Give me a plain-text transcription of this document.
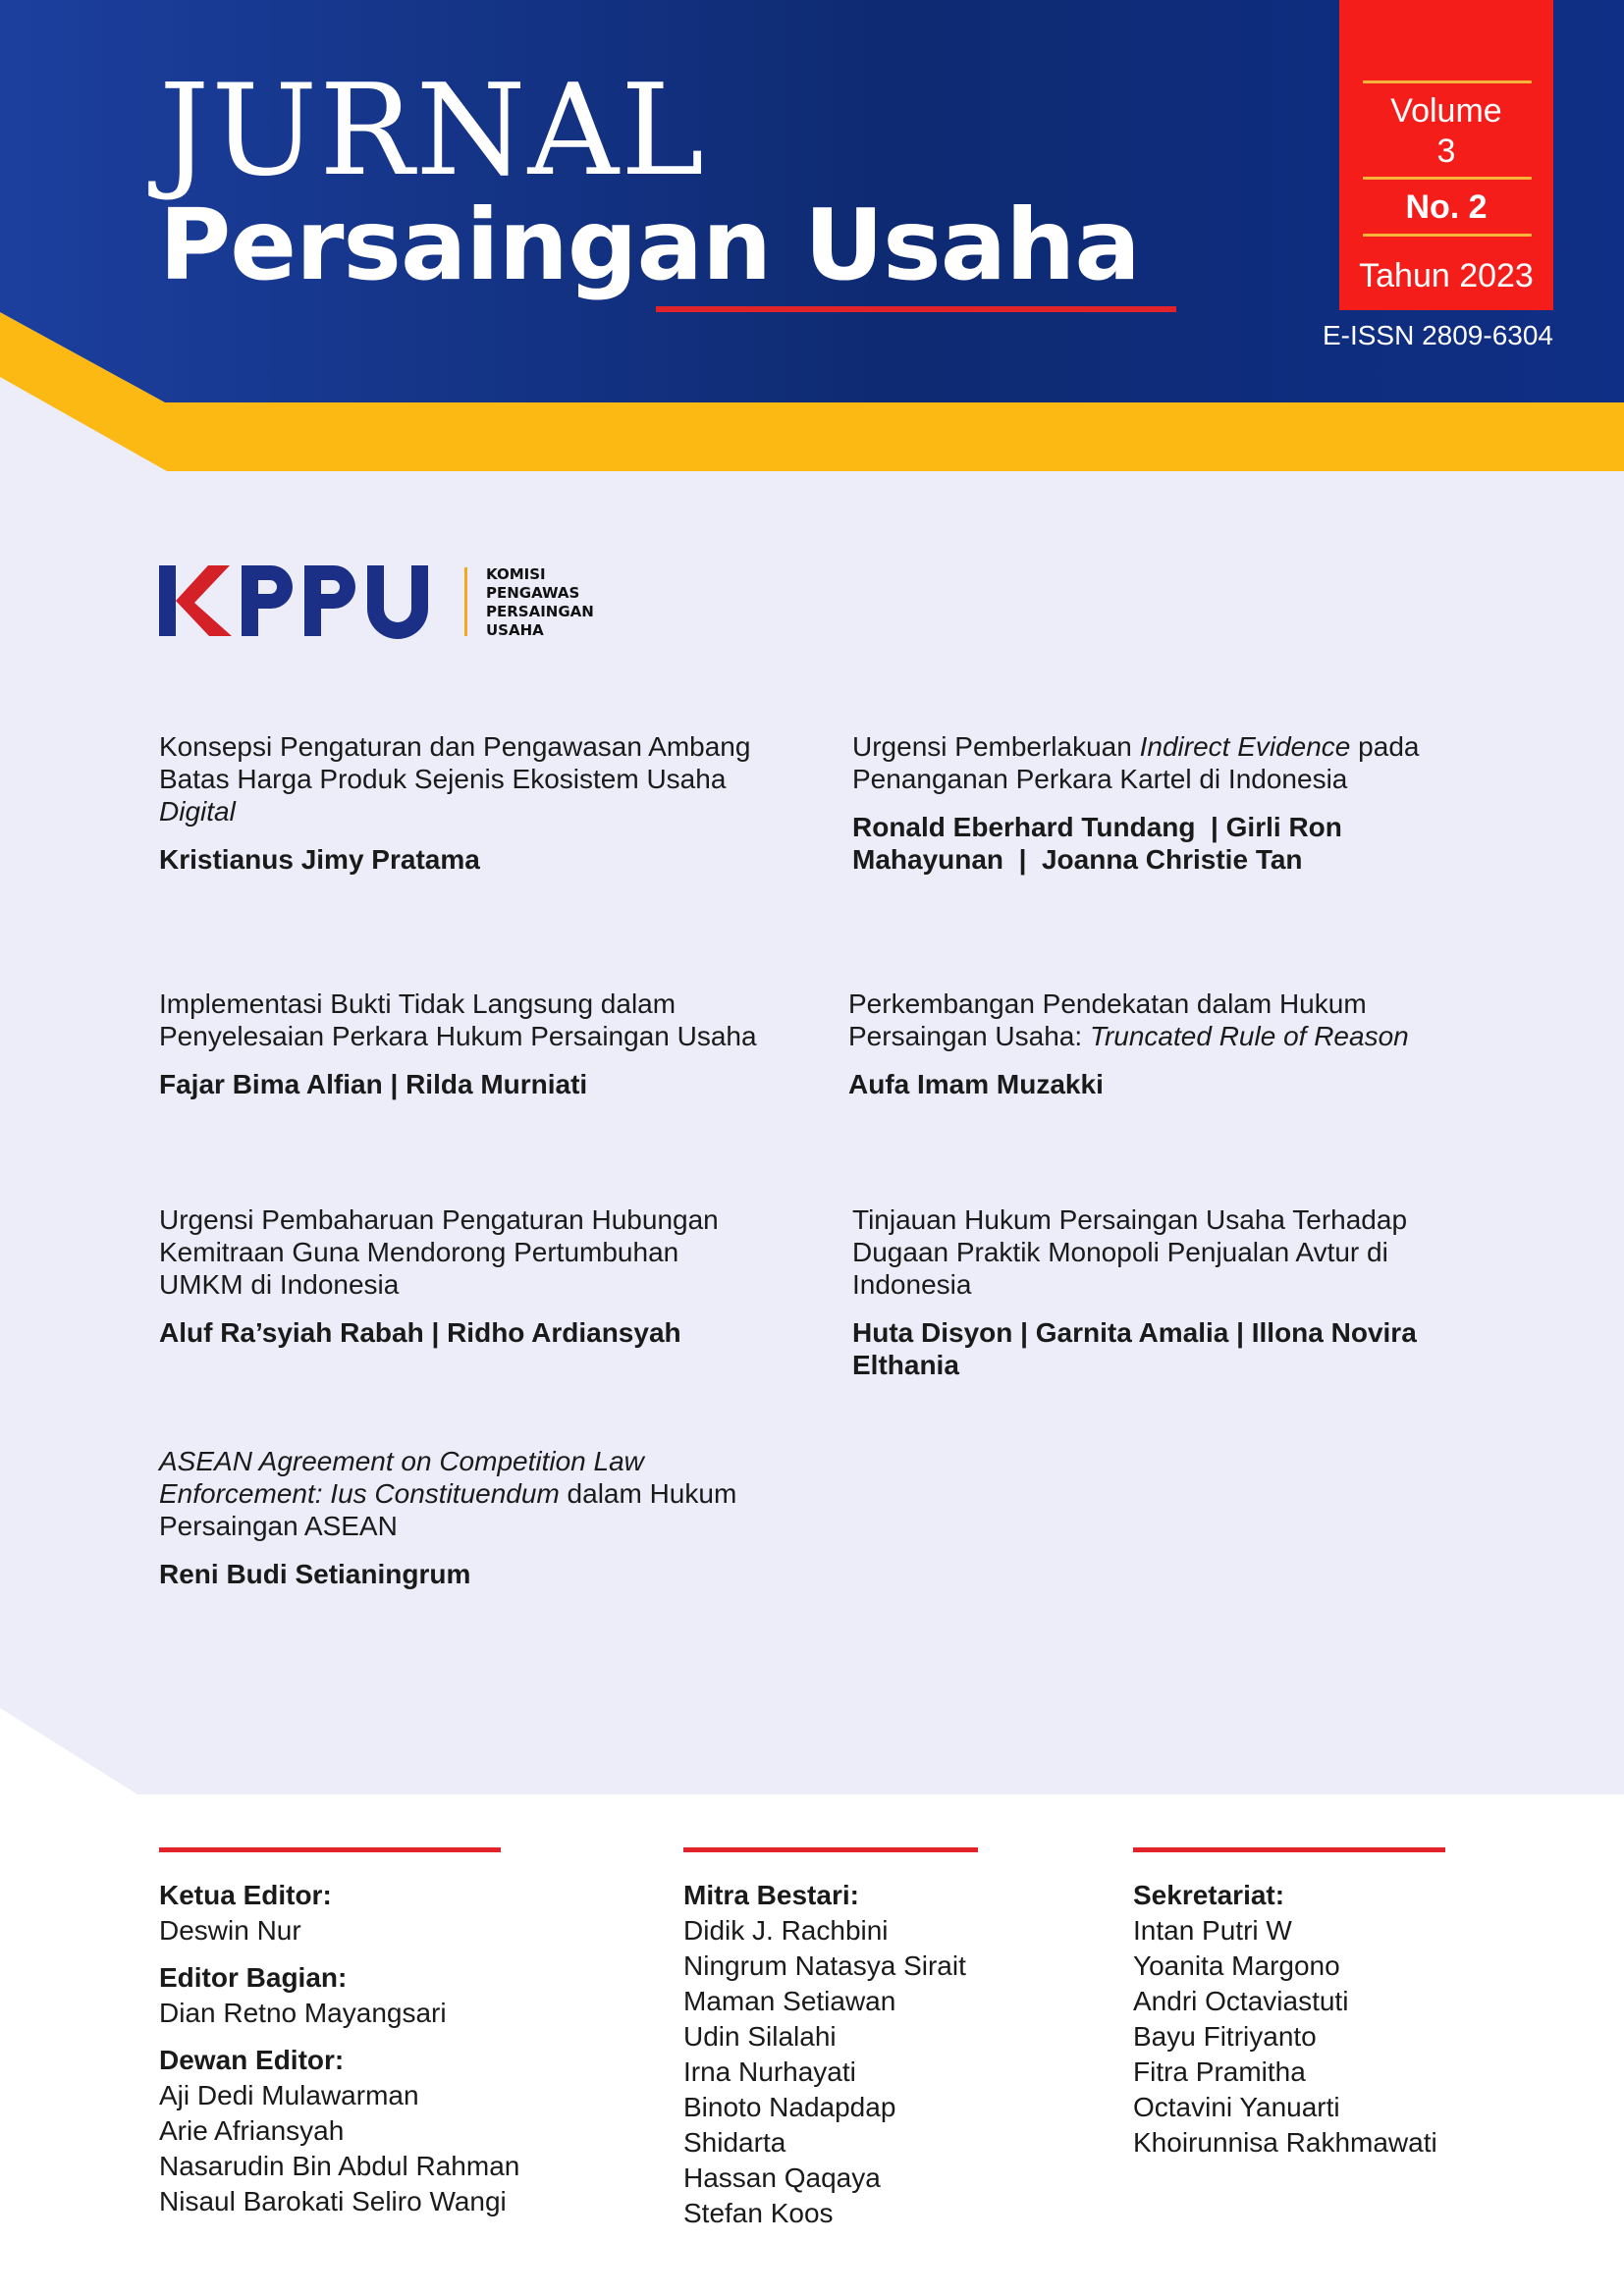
JURNAL
Persaingan Usaha
Volume
3
No. 2
Tahun 2023
E-ISSN 2809-6304
KOMISI
PENGAWAS
PERSAINGAN
USAHA

Konsepsi Pengaturan dan Pengawasan Ambang Batas Harga Produk Sejenis Ekosistem Usaha Digital

Kristianus Jimy Pratama

Urgensi Pemberlakuan Indirect Evidence pada Penanganan Perkara Kartel di Indonesia

Ronald Eberhard Tundang  | Girli Ron Mahayunan  |  Joanna Christie Tan

Implementasi Bukti Tidak Langsung dalam Penyelesaian Perkara Hukum Persaingan Usaha

Fajar Bima Alfian | Rilda Murniati

Perkembangan Pendekatan dalam Hukum Persaingan Usaha: Truncated Rule of Reason

Aufa Imam Muzakki

Urgensi Pembaharuan Pengaturan Hubungan Kemitraan Guna Mendorong Pertumbuhan UMKM di Indonesia

Aluf Ra’syiah Rabah | Ridho Ardiansyah

Tinjauan Hukum Persaingan Usaha Terhadap Dugaan Praktik Monopoli Penjualan Avtur di Indonesia

Huta Disyon | Garnita Amalia | Illona Novira Elthania

ASEAN Agreement on Competition Law Enforcement: Ius Constituendum dalam Hukum Persaingan ASEAN

Reni Budi Setianingrum
Ketua Editor:
Deswin Nur
Editor Bagian:
Dian Retno Mayangsari
Dewan Editor:
Aji Dedi Mulawarman
Arie Afriansyah
Nasarudin Bin Abdul Rahman
Nisaul Barokati Seliro Wangi
Mitra Bestari:
Didik J. Rachbini
Ningrum Natasya Sirait
Maman Setiawan
Udin Silalahi
Irna Nurhayati
Binoto Nadapdap
Shidarta
Hassan Qaqaya
Stefan Koos
Sekretariat:
Intan Putri W
Yoanita Margono
Andri Octaviastuti
Bayu Fitriyanto
Fitra Pramitha
Octavini Yanuarti
Khoirunnisa Rakhmawati
